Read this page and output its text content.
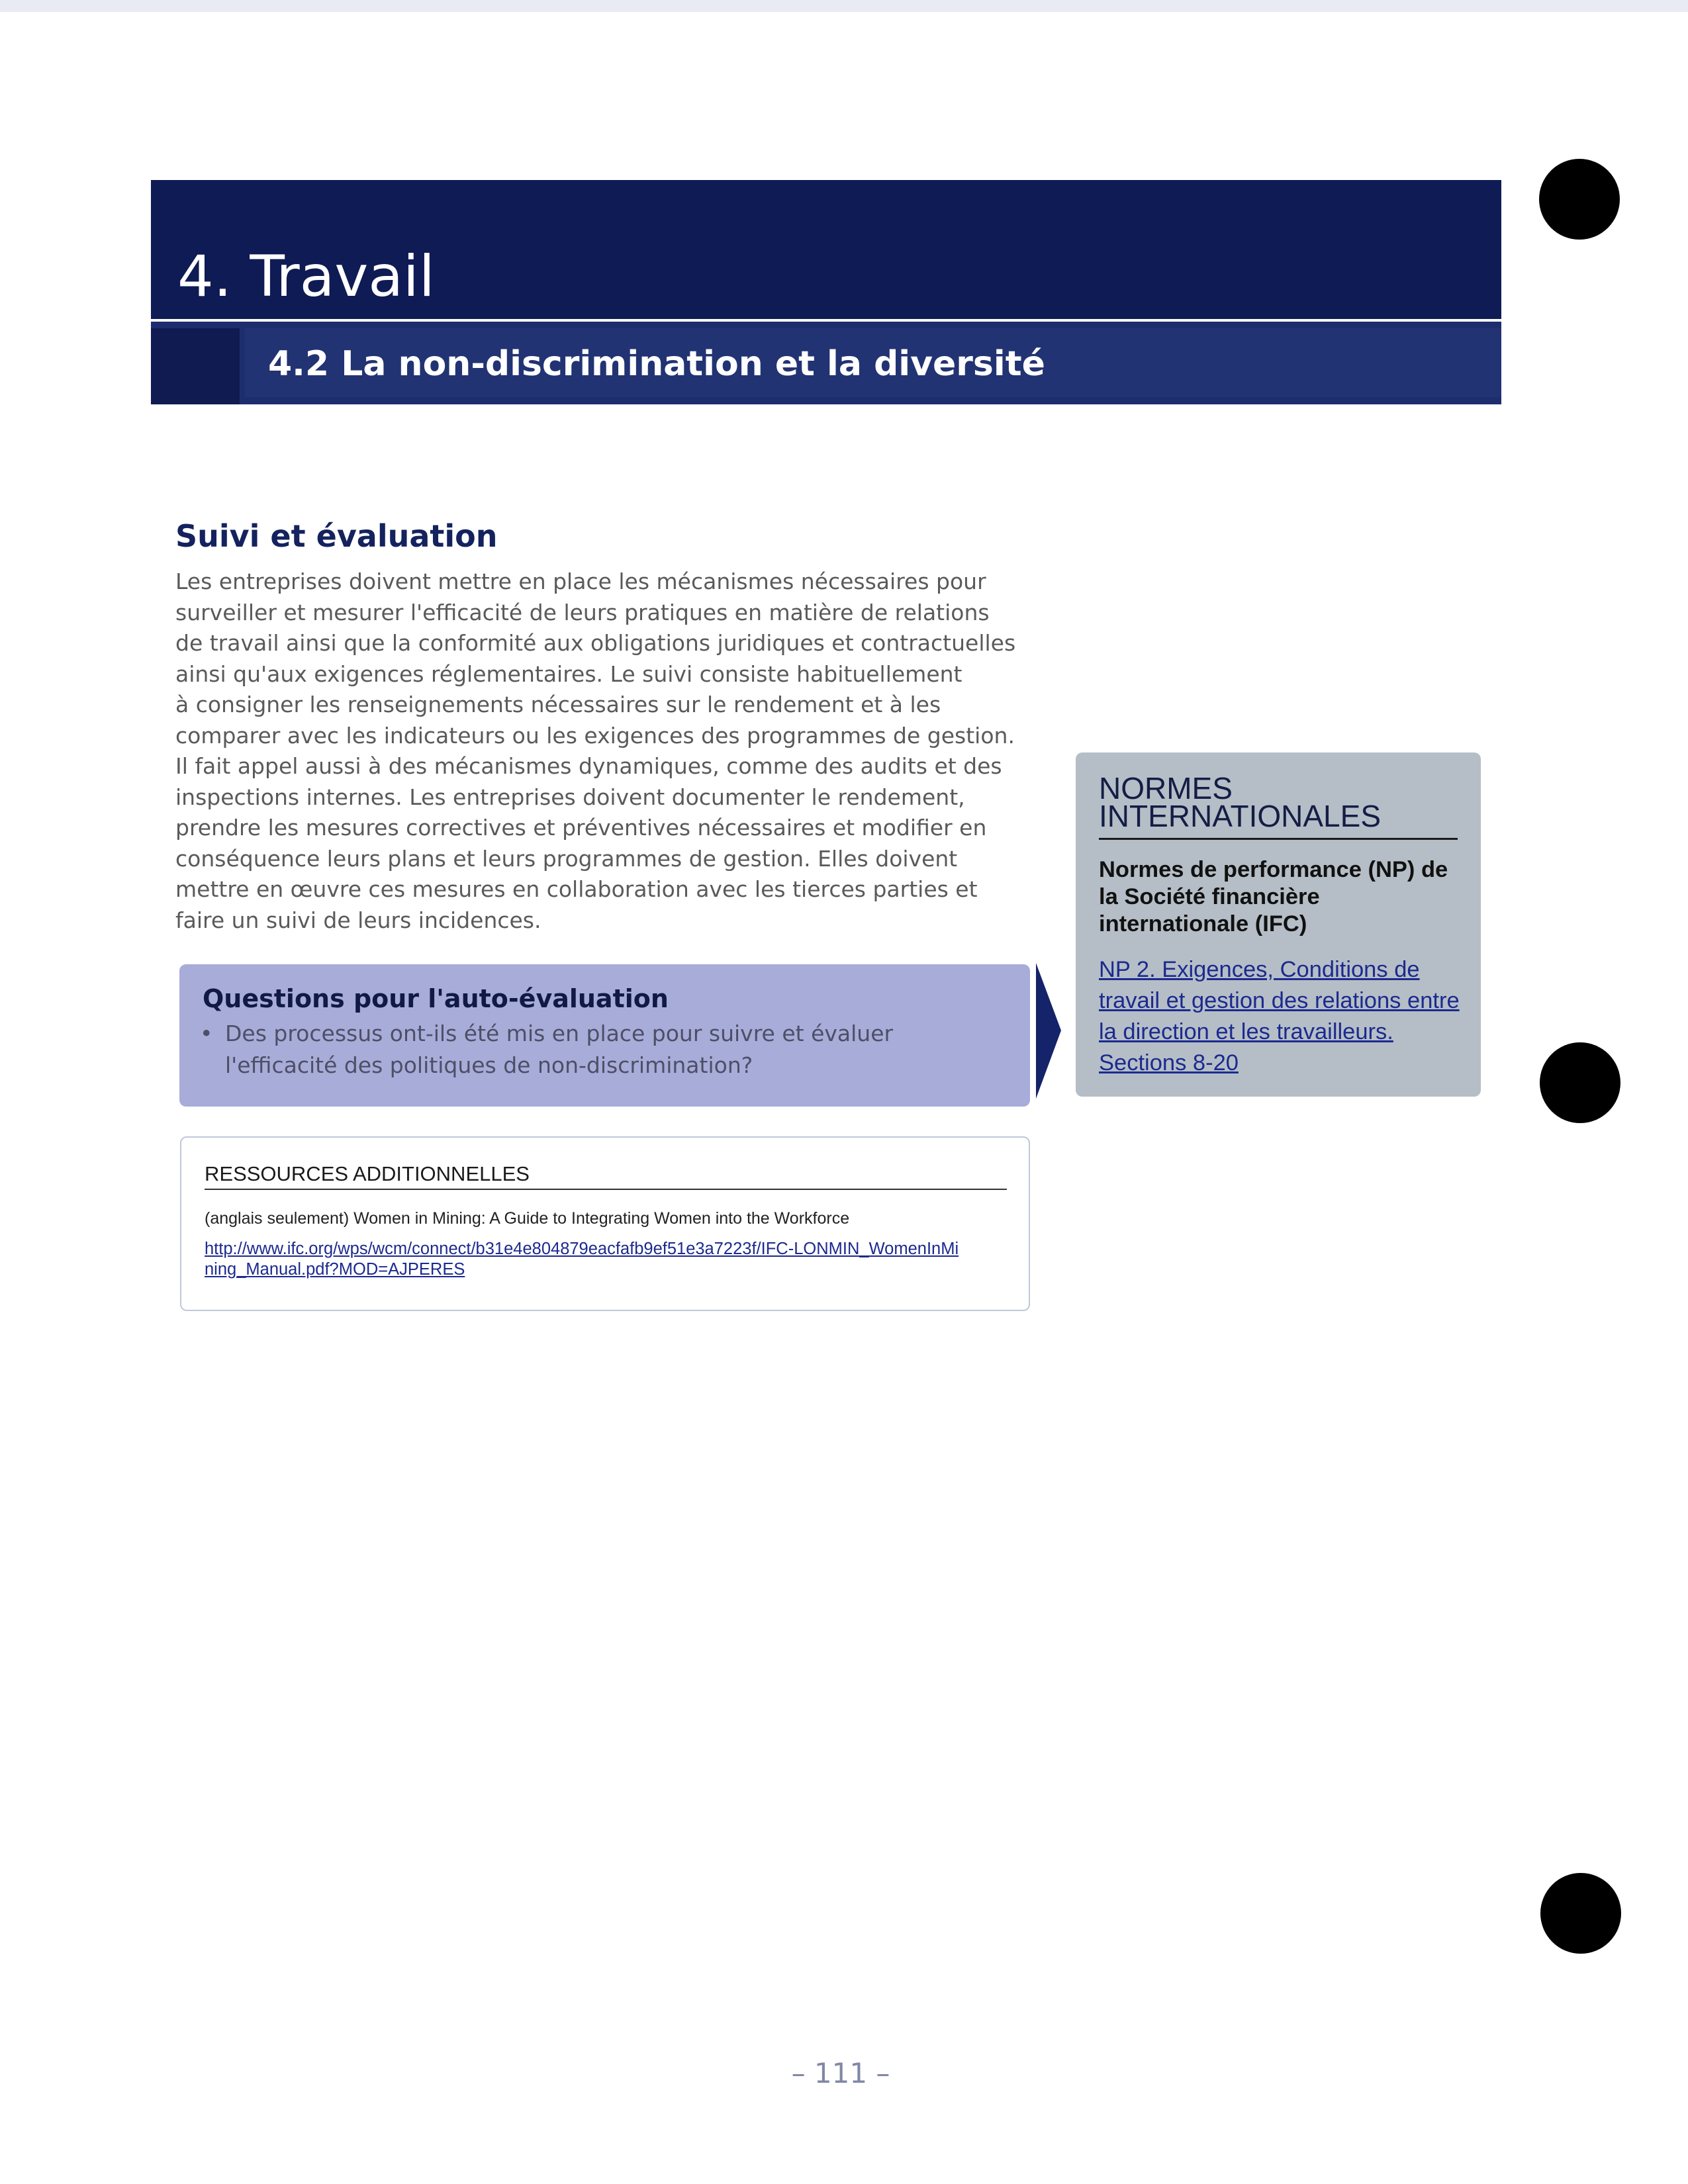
4. Travail
4.2 La non-discrimination et la diversité
Suivi et évaluation
Les entreprises doivent mettre en place les mécanismes nécessaires pour
surveiller et mesurer l'efficacité de leurs pratiques en matière de relations
de travail ainsi que la conformité aux obligations juridiques et contractuelles
ainsi qu'aux exigences réglementaires. Le suivi consiste habituellement
à consigner les renseignements nécessaires sur le rendement et à les
comparer avec les indicateurs ou les exigences des programmes de gestion.
Il fait appel aussi à des mécanismes dynamiques, comme des audits et des
inspections internes. Les entreprises doivent documenter le rendement,
prendre les mesures correctives et préventives nécessaires et modifier en
conséquence leurs plans et leurs programmes de gestion. Elles doivent
mettre en œuvre ces mesures en collaboration avec les tierces parties et
faire un suivi de leurs incidences.
Questions pour l'auto-évaluation
• Des processus ont-ils été mis en place pour suivre et évaluer l'efficacité des politiques de non-discrimination?

NORMES INTERNATIONALES

Normes de performance (NP) de la Société financière internationale (IFC)

NP 2. Exigences, Conditions de travail et gestion des relations entre la direction et les travailleurs. Sections 8-20
RESSOURCES ADDITIONNELLES

(anglais seulement) Women in Mining: A Guide to Integrating Women into the Workforce

http://www.ifc.org/wps/wcm/connect/b31e4e804879eacfafb9ef51e3a7223f/IFC-LONMIN_WomenInMining_Manual.pdf?MOD=AJPERES
– 111 –
